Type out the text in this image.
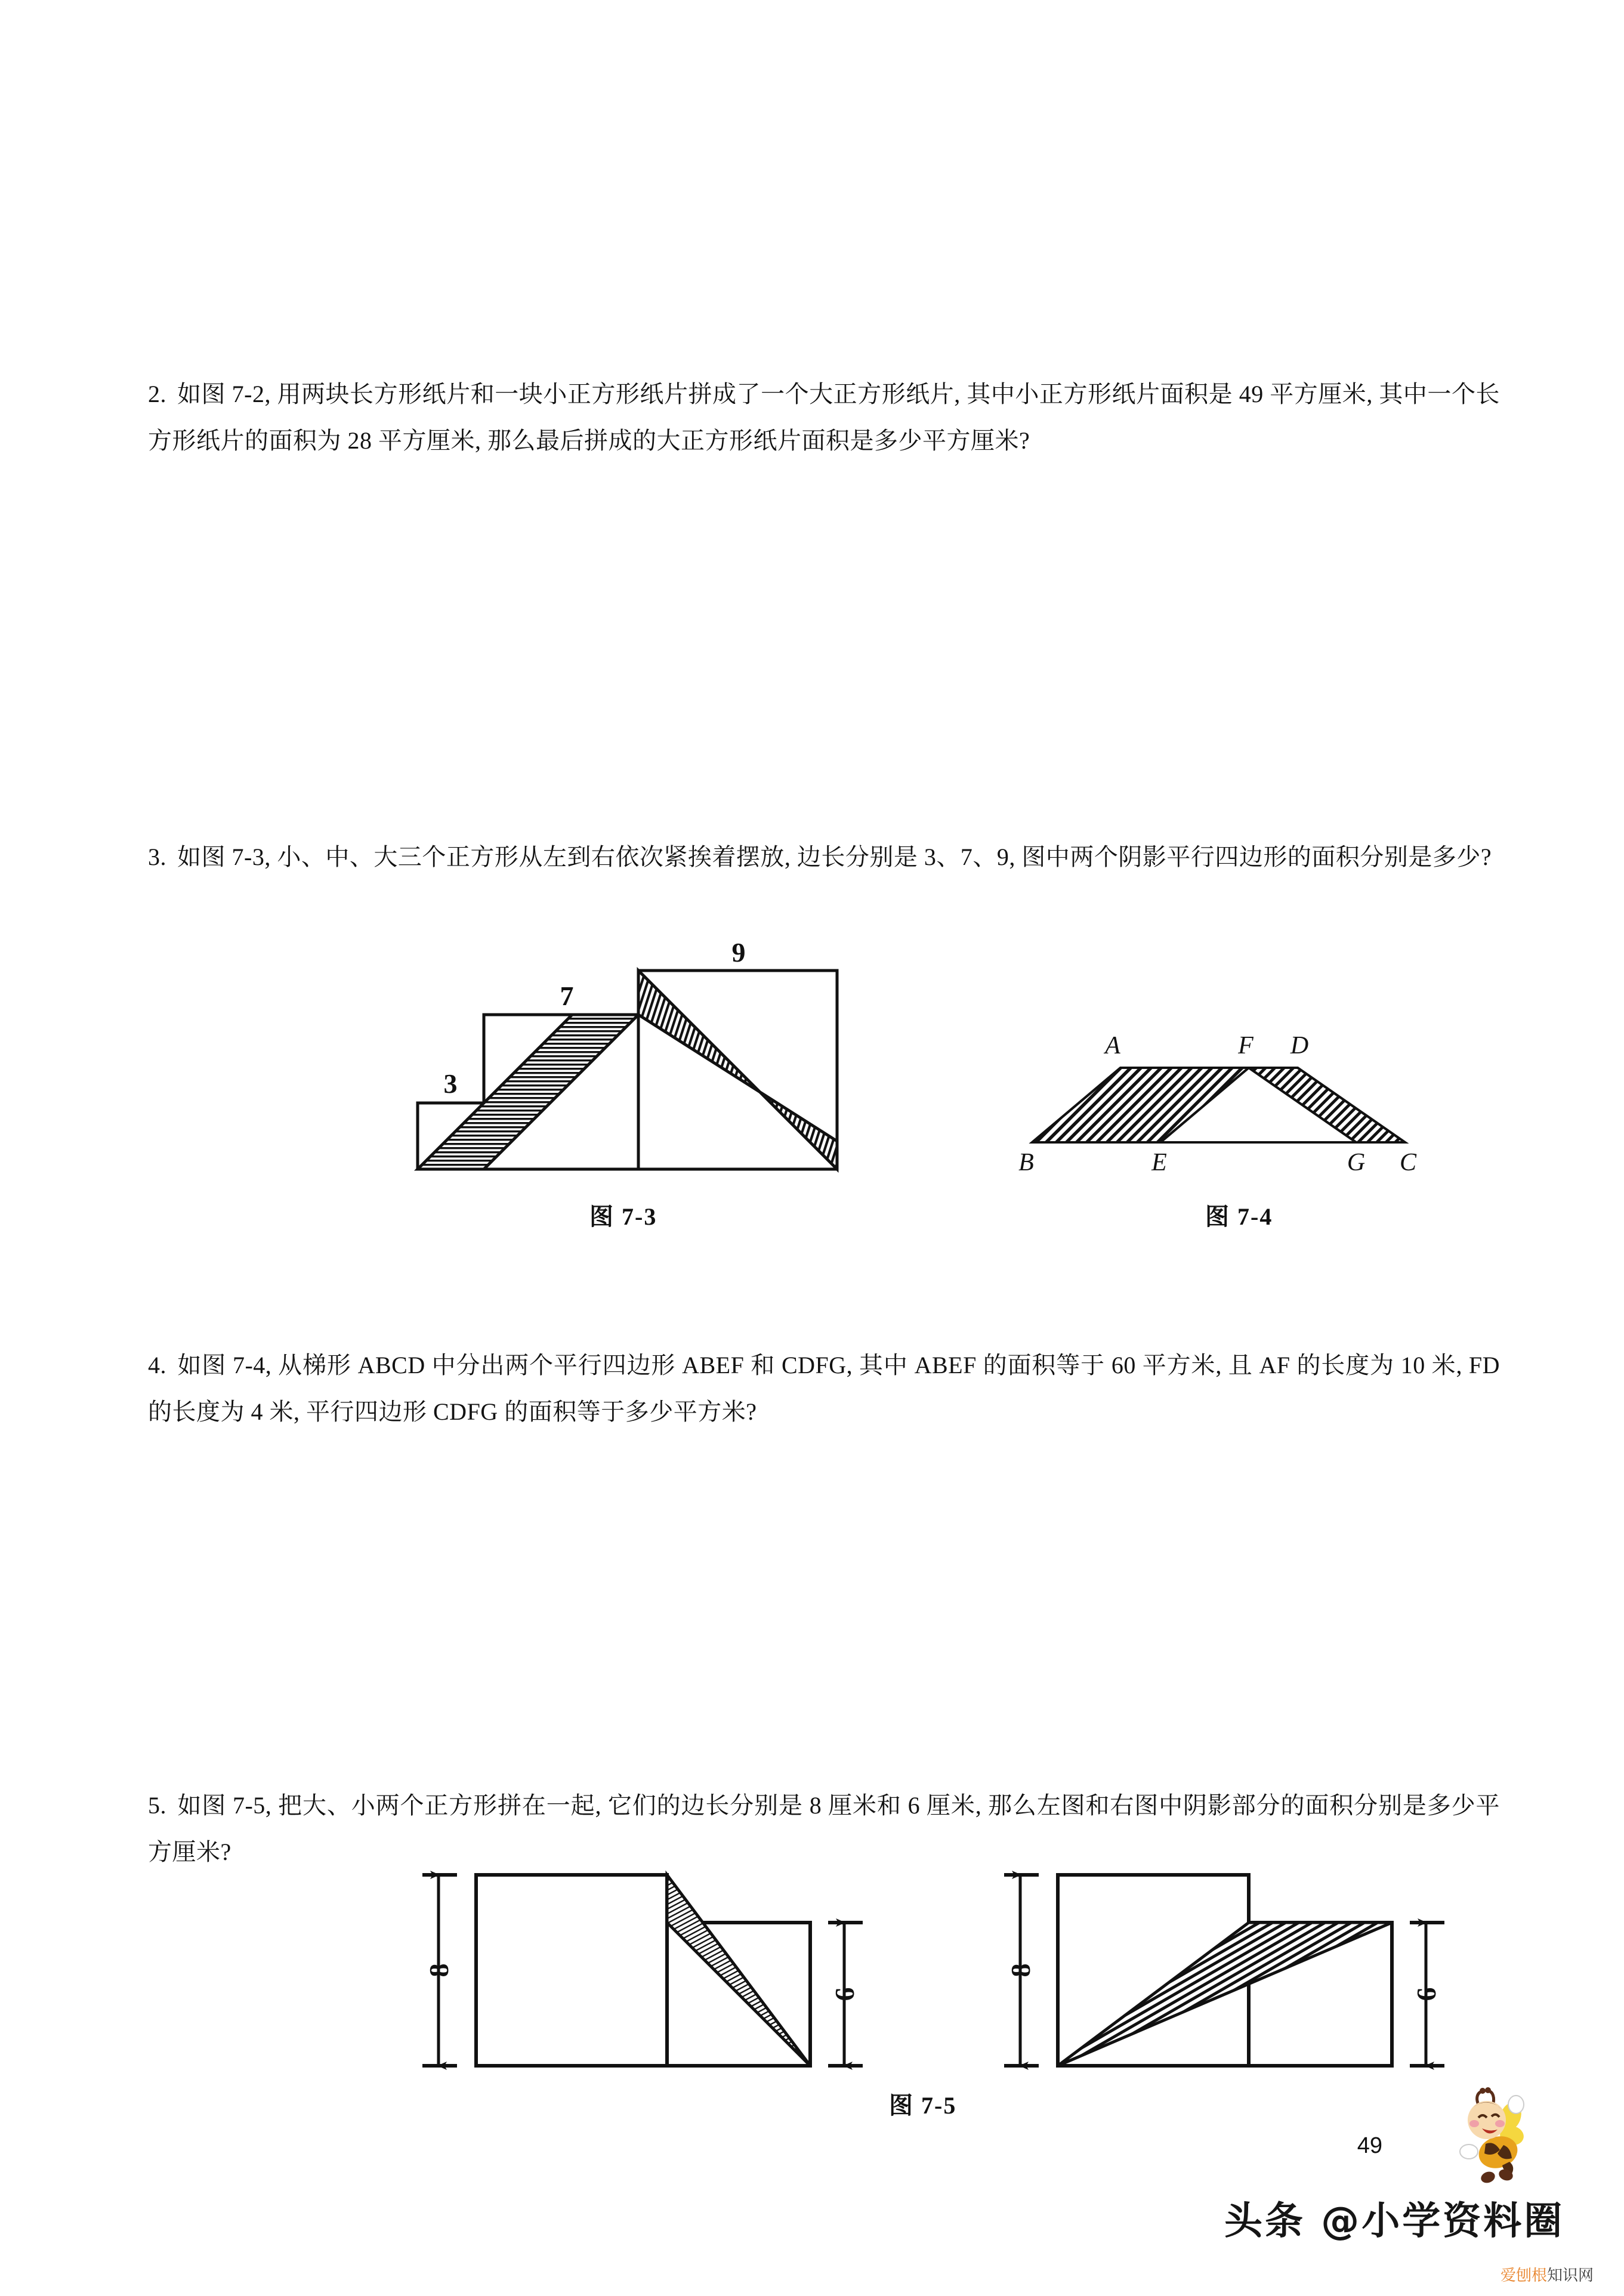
2. 如图 7-2, 用两块长方形纸片和一块小正方形纸片拼成了一个大正方形纸片, 其中小正方形纸片面积是 49 平方厘米, 其中一个长方形纸片的面积为 28 平方厘米, 那么最后拼成的大正方形纸片面积是多少平方厘米?
3. 如图 7-3, 小、中、大三个正方形从左到右依次紧挨着摆放, 边长分别是 3、7、9, 图中两个阴影平行四边形的面积分别是多少?
3
7
9
图 7-3
A	F D
B	E	G C
图 7-4
4. 如图 7-4, 从梯形 ABCD 中分出两个平行四边形 ABEF 和 CDFG, 其中 ABEF 的面积等于 60 平方米, 且 AF 的长度为 10 米, FD 的长度为 4 米, 平行四边形 CDFG 的面积等于多少平方米?
5. 如图 7-5, 把大、小两个正方形拼在一起, 它们的边长分别是 8 厘米和 6 厘米, 那么左图和右图中阴影部分的面积分别是多少平方厘米?
8
6
8
6
图 7-5
49
头条 @小学资料圈
爱刨根知识网
